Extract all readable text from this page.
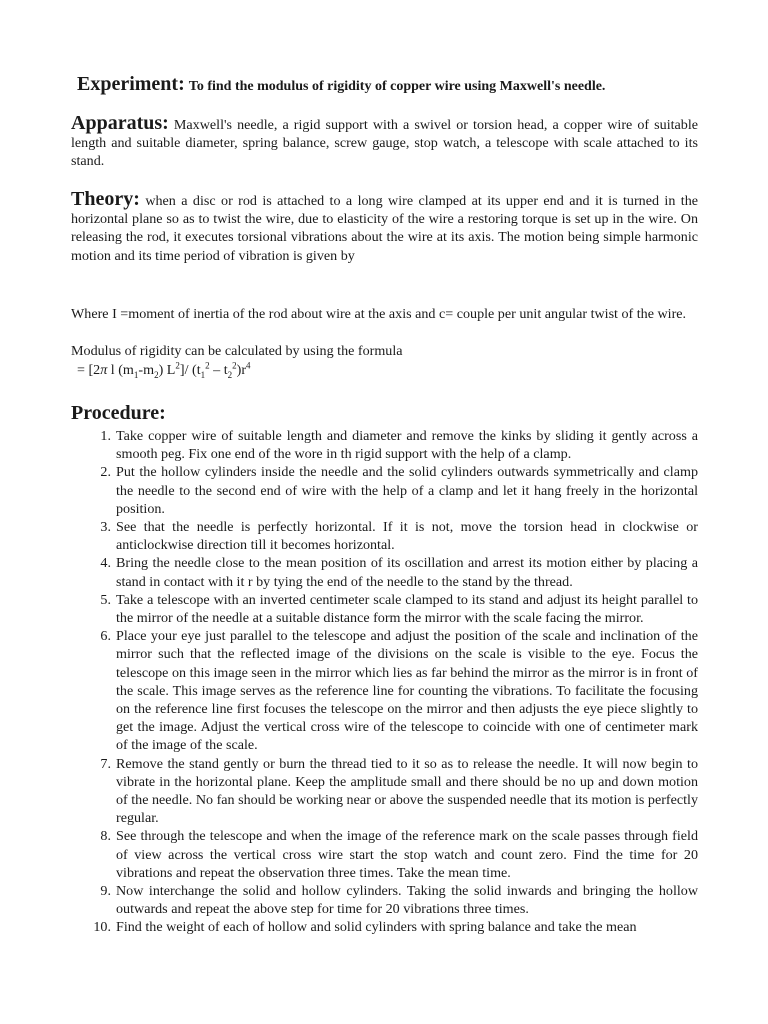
Experiment: To find the modulus of rigidity of copper wire using Maxwell's needle.
Apparatus: Maxwell's needle, a rigid support with a swivel or torsion head, a copper wire of suitable length and suitable diameter, spring balance, screw gauge, stop watch, a telescope with scale attached to its stand.
Theory: when a disc or rod is attached to a long wire clamped at its upper end and it is turned in the horizontal plane so as to twist the wire, due to elasticity of the wire a restoring torque is set up in the wire. On releasing the rod, it executes torsional vibrations about the wire at its axis. The motion being simple harmonic motion and its time period of vibration is given by
Where I =moment of inertia of the rod about wire at the axis and c= couple per unit angular twist of the wire.
Modulus of rigidity can be calculated by using the formula
= [2π l $(m_1-m_2)$ $L^2]/$ $(t_1^2 - t_2^2)r^4$
Procedure:
1. Take copper wire of suitable length and diameter and remove the kinks by sliding it gently across a smooth peg. Fix one end of the wore in th rigid support with the help of a clamp.
2. Put the hollow cylinders inside the needle and the solid cylinders outwards symmetrically and clamp the needle to the second end of wire with the help of a clamp and let it hang freely in the horizontal position.
3. See that the needle is perfectly horizontal. If it is not, move the torsion head in clockwise or anticlockwise direction till it becomes horizontal.
4. Bring the needle close to the mean position of its oscillation and arrest its motion either by placing a stand in contact with it r by tying the end of the needle to the stand by the thread.
5. Take a telescope with an inverted centimeter scale clamped to its stand and adjust its height parallel to the mirror of the needle at a suitable distance form the mirror with the scale facing the mirror.
6. Place your eye just parallel to the telescope and adjust the position of the scale and inclination of the mirror such that the reflected image of the divisions on the scale is visible to the eye. Focus the telescope on this image seen in the mirror which lies as far behind the mirror as the mirror is in front of the scale. This image serves as the reference line for counting the vibrations. To facilitate the focusing on the reference line first focuses the telescope on the mirror and then adjusts the eye piece slightly to get the image. Adjust the vertical cross wire of the telescope to coincide with one of centimeter mark of the image of the scale.
7. Remove the stand gently or burn the thread tied to it so as to release the needle. It will now begin to vibrate in the horizontal plane. Keep the amplitude small and there should be no up and down motion of the needle. No fan should be working near or above the suspended needle that its motion is perfectly regular.
8. See through the telescope and when the image of the reference mark on the scale passes through field of view across the vertical cross wire start the stop watch and count zero. Find the time for 20 vibrations and repeat the observation three times. Take the mean time.
9. Now interchange the solid and hollow cylinders. Taking the solid inwards and bringing the hollow outwards and repeat the above step for time for 20 vibrations three times.
10. Find the weight of each of hollow and solid cylinders with spring balance and take the mean
